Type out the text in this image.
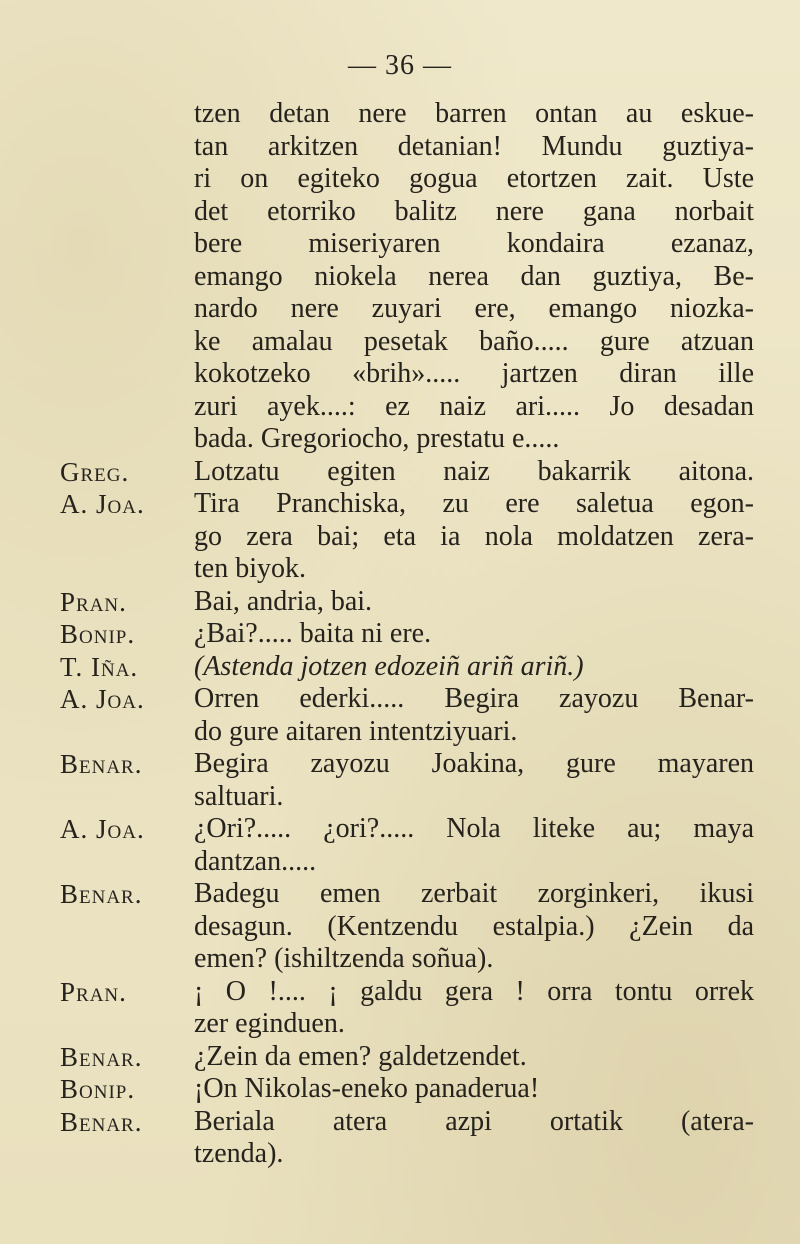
— 36 —
tzen detan nere barren ontan au eskue-
tan arkitzen detanian! Mundu guztiya-
ri on egiteko gogua etortzen zait. Uste
det etorriko balitz nere gana norbait
bere miseriyaren kondaira ezanaz,
emango niokela nerea dan guztiya, Be-
nardo nere zuyari ere, emango niozka-
ke amalau pesetak baño..... gure atzuan
kokotzeko «brih»..... jartzen diran ille
zuri ayek....: ez naiz ari..... Jo desadan
bada. Gregoriocho, prestatu e.....
Greg. Lotzatu egiten naiz bakarrik aitona.
A. Joa. Tira Pranchiska, zu ere saletua egon-
go zera bai; eta ia nola moldatzen zera-
ten biyok.
Pran. Bai, andria, bai.
Bonip. ¿Bai?..... baita ni ere.
T. Iña. (Astenda jotzen edozeiñ ariñ ariñ.)
A. Joa. Orren ederki..... Begira zayozu Benar-
do gure aitaren intentziyuari.
Benar. Begira zayozu Joakina, gure mayaren
saltuari.
A. Joa. ¿Ori?..... ¿ori?..... Nola liteke au; maya
dantzan.....
Benar. Badegu emen zerbait zorginkeri, ikusi
desagun. (Kentzendu estalpia.) ¿Zein da
emen? (ishiltzenda soñua).
Pran. ¡ O !.... ¡ galdu gera ! orra tontu orrek
zer eginduen.
Benar. ¿Zein da emen? galdetzendet.
Bonip. ¡On Nikolas-eneko panaderua!
Benar. Beriala atera azpi ortatik (atera-
tzenda).
